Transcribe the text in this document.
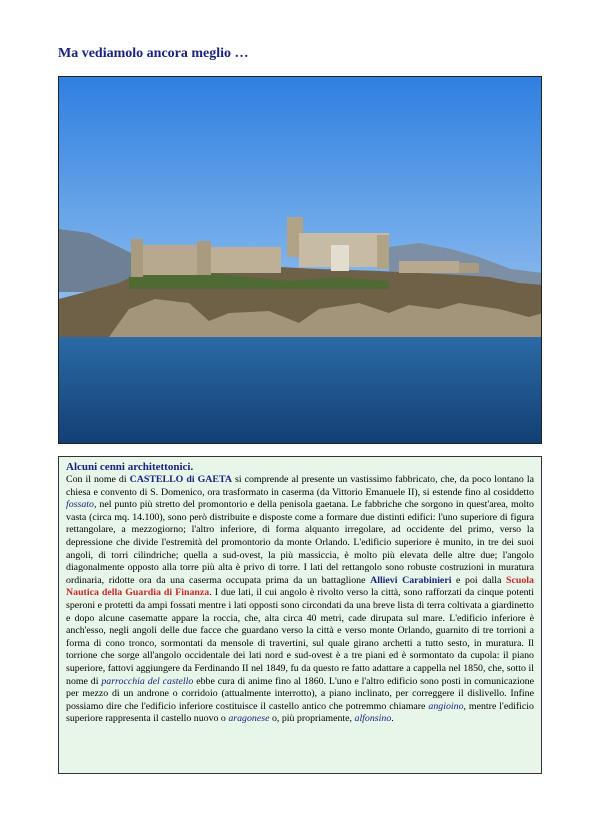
Ma vediamolo ancora meglio …
Alcuni cenni architettonici.
Con il nome di CASTELLO di GAETA si comprende al presente un vastissimo fabbricato, che, da poco lontano la chiesa e convento di S. Domenico, ora trasformato in caserma (da Vittorio Emanuele II), si estende fino al cosiddetto fossato, nel punto più stretto del promontorio e della penisola gaetana. Le fabbriche che sorgono in quest'area, molto vasta (circa mq. 14.100), sono però distribuite e disposte come a formare due distinti edifici: l'uno superiore di figura rettangolare, a mezzogiorno; l'altro inferiore, di forma alquanto irregolare, ad occidente del primo, verso la depressione che divide l'estremità del promontorio da monte Orlando. L'edificio superiore è munito, in tre dei suoi angoli, di torri cilindriche; quella a sud-ovest, la più massiccia, è molto più elevata delle altre due; l'angolo diagonalmente opposto alla torre più alta è privo di torre. I lati del rettangolo sono robuste costruzioni in muratura ordinaria, ridotte ora da una caserma occupata prima da un battaglione Allievi Carabinieri e poi dalla Scuola Nautica della Guardia di Finanza. I due lati, il cui angolo è rivolto verso la città, sono rafforzati da cinque potenti speroni e protetti da ampi fossati mentre i lati opposti sono circondati da una breve lista di terra coltivata a giardinetto e dopo alcune casematte appare la roccia, che, alta circa 40 metri, cade dirupata sul mare. L'edificio inferiore è anch'esso, negli angoli delle due facce che guardano verso la città e verso monte Orlando, guarnito di tre torrioni a forma di cono tronco, sormontati da mensole di travertini, sul quale girano archetti a tutto sesto, in muratura. Il torrione che sorge all'angolo occidentale dei lati nord e sud-ovest è a tre piani ed è sormontato da cupola: il piano superiore, fattovi aggiungere da Ferdinando II nel 1849, fu da questo re fatto adattare a cappella nel 1850, che, sotto il nome di parrocchia del castello ebbe cura di anime fino al 1860. L'uno e l'altro edificio sono posti in comunicazione per mezzo di un androne o corridoio (attualmente interrotto), a piano inclinato, per correggere il dislivello. Infine possiamo dire che l'edificio inferiore costituisce il castello antico che potremmo chiamare angioino, mentre l'edificio superiore rappresenta il castello nuovo o aragonese o, più propriamente, alfonsino.
